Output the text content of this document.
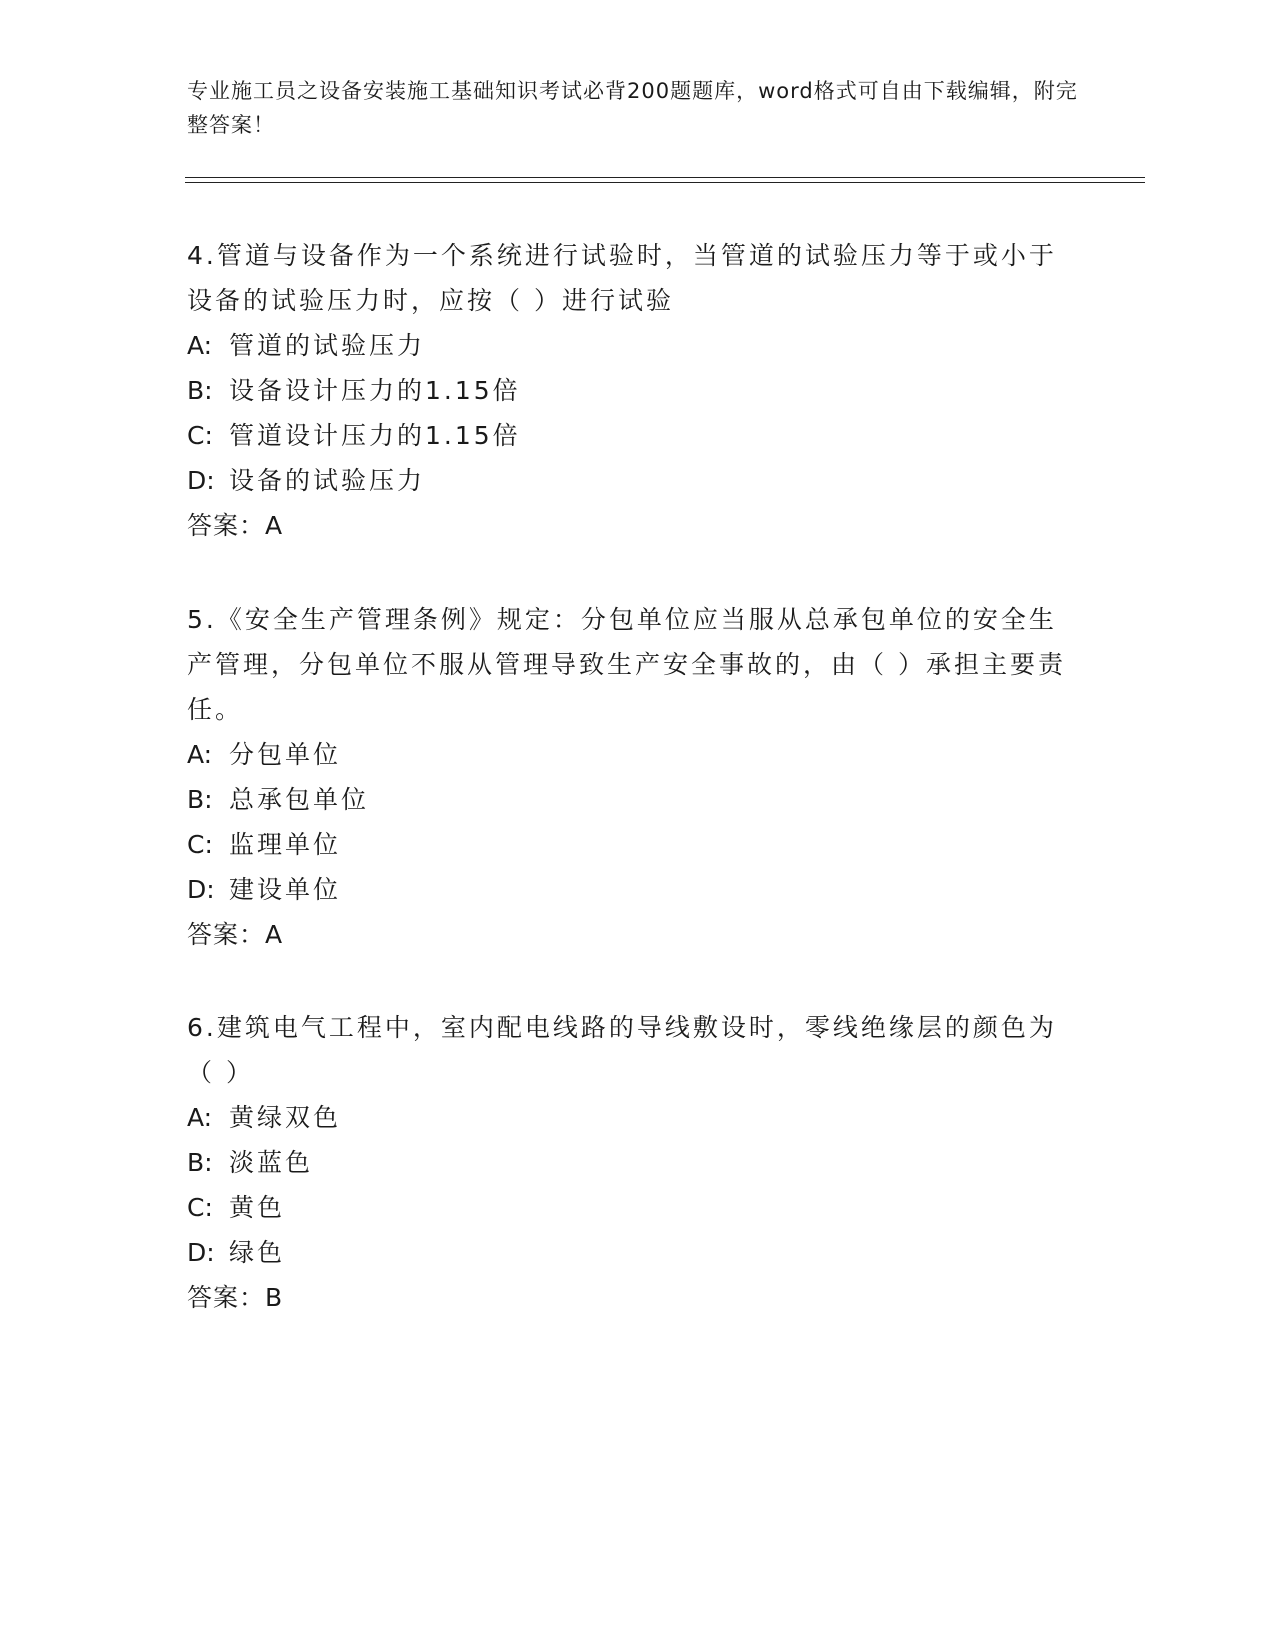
专业施工员之设备安装施工基础知识考试必背200题题库，word格式可自由下载编辑，附完整答案！
4.管道与设备作为一个系统进行试验时，当管道的试验压力等于或小于设备的试验压力时，应按（ ）进行试验
A: 管道的试验压力
B: 设备设计压力的1.15倍
C: 管道设计压力的1.15倍
D: 设备的试验压力
答案：A
5.《安全生产管理条例》规定：分包单位应当服从总承包单位的安全生产管理，分包单位不服从管理导致生产安全事故的，由（ ）承担主要责任。
A: 分包单位
B: 总承包单位
C: 监理单位
D: 建设单位
答案：A
6.建筑电气工程中，室内配电线路的导线敷设时，零线绝缘层的颜色为（ ）
A: 黄绿双色
B: 淡蓝色
C: 黄色
D: 绿色
答案：B
